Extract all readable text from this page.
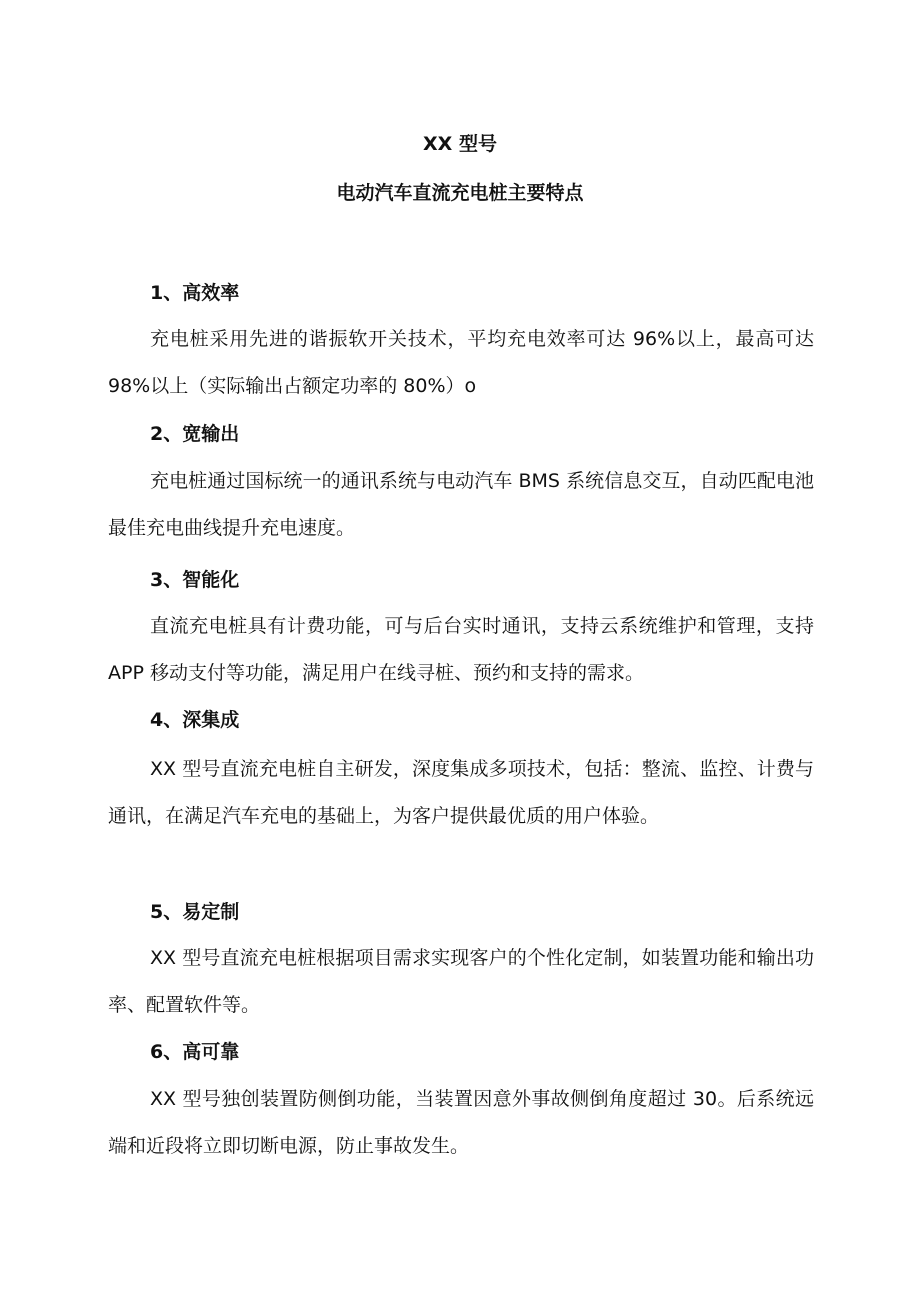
XX 型号
电动汽车直流充电桩主要特点
1、高效率

充电桩采用先进的谐振软开关技术，平均充电效率可达 96%以上，最高可达 98%以上（实际输出占额定功率的 80%）o

2、宽输出

充电桩通过国标统一的通讯系统与电动汽车 BMS 系统信息交互，自动匹配电池最佳充电曲线提升充电速度。

3、智能化

直流充电桩具有计费功能，可与后台实时通讯，支持云系统维护和管理，支持 APP 移动支付等功能，满足用户在线寻桩、预约和支持的需求。

4、深集成

XX 型号直流充电桩自主研发，深度集成多项技术，包括：整流、监控、计费与通讯，在满足汽车充电的基础上，为客户提供最优质的用户体验。

5、易定制

XX 型号直流充电桩根据项目需求实现客户的个性化定制，如装置功能和输出功率、配置软件等。

6、高可靠

XX 型号独创装置防侧倒功能，当装置因意外事故侧倒角度超过 30。后系统远端和近段将立即切断电源，防止事故发生。
